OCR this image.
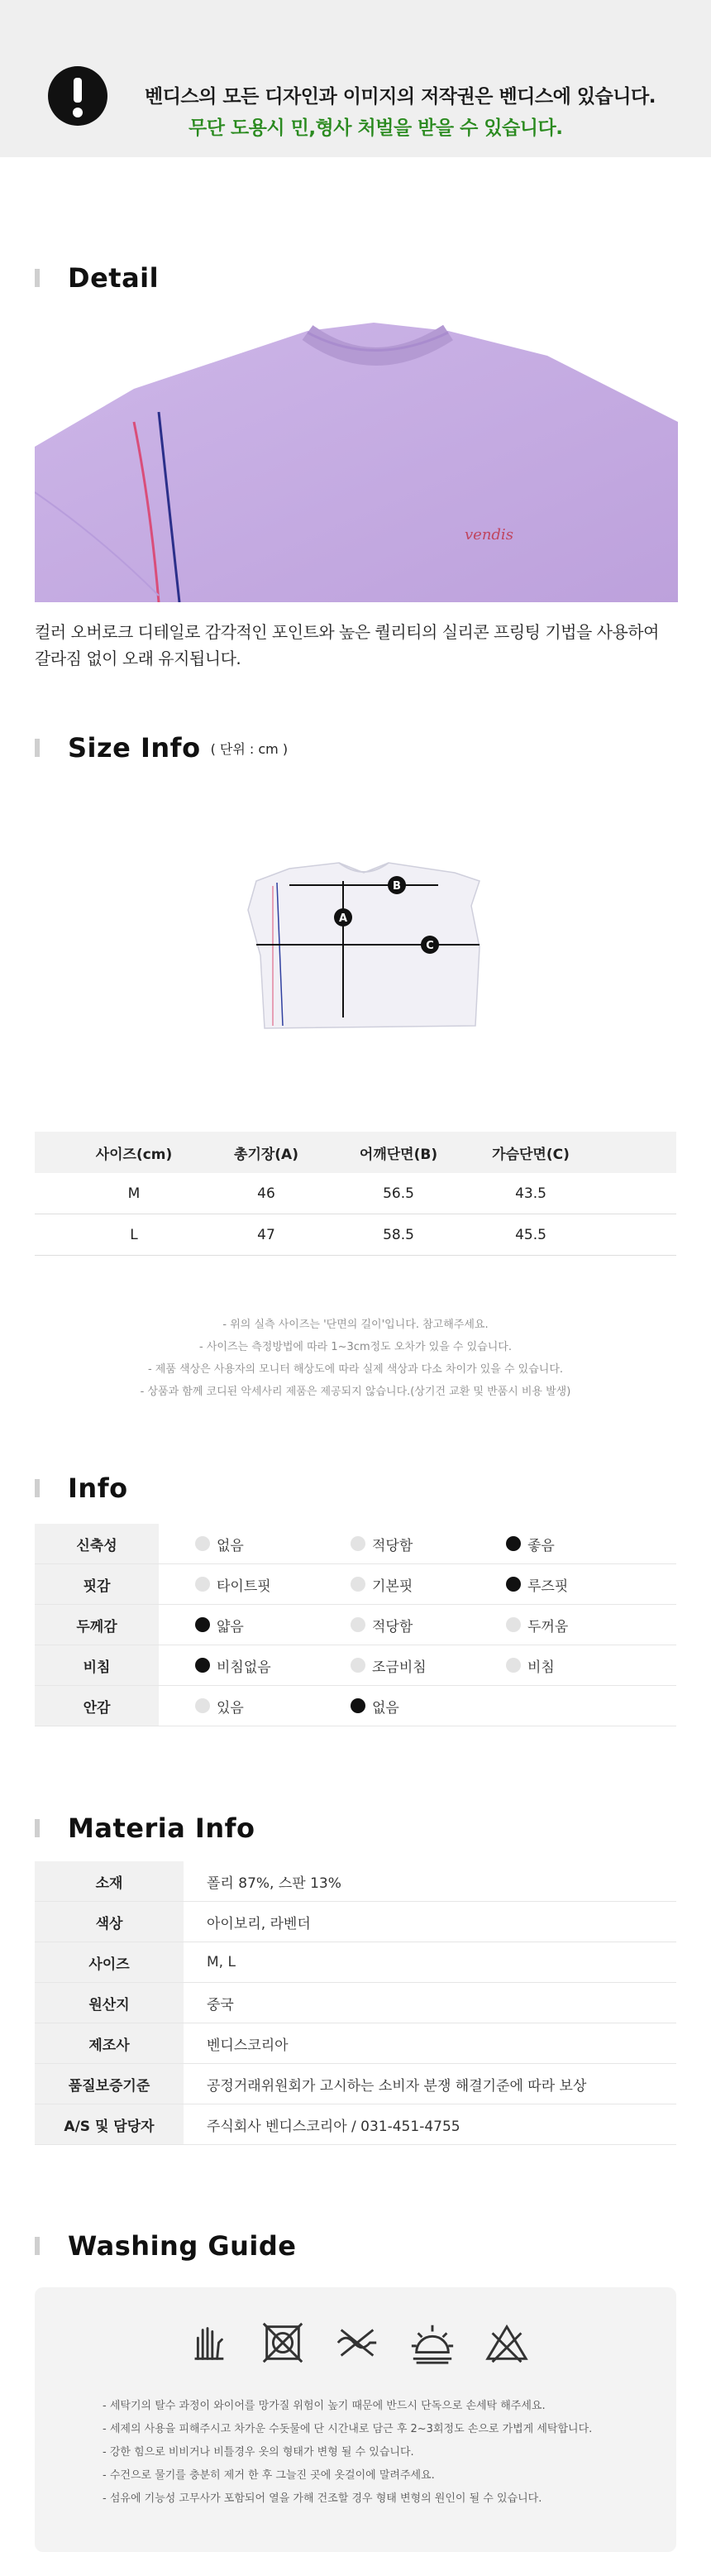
벤디스의 모든 디자인과 이미지의 저작권은 벤디스에 있습니다.
무단 도용시 민,형사 처벌을 받을 수 있습니다.
Detail
vendis
컬러 오버로크 디테일로 감각적인 포인트와 높은 퀄리티의 실리콘 프링팅 기법을 사용하여 갈라짐 없이 오래 유지됩니다.
Size Info ( 단위 : cm )
B
A
C
사이즈(cm)	총기장(A)	어깨단면(B)	가슴단면(C)
M	46	56.5	43.5
L	47	58.5	45.5
- 위의 실측 사이즈는 '단면의 길이'입니다. 참고해주세요.
- 사이즈는 측정방법에 따라 1~3cm정도 오차가 있을 수 있습니다.
- 제품 색상은 사용자의 모니터 해상도에 따라 실제 색상과 다소 차이가 있을 수 있습니다.
- 상품과 함께 코디된 악세사리 제품은 제공되지 않습니다.(상기건 교환 및 반품시 비용 발생)
Info
신축성	없음	적당함	좋음
핏감	타이트핏	기본핏	루즈핏
두께감	얇음	적당함	두꺼움
비침	비침없음	조금비침	비침
안감	있음	없음
Materia Info
소재	폴리 87%, 스판 13%
색상	아이보리, 라벤더
사이즈	M, L
원산지	중국
제조사	벤디스코리아
품질보증기준	공정거래위원회가 고시하는 소비자 분쟁 해결기준에 따라 보상
A/S 및 담당자	주식회사 벤디스코리아 / 031-451-4755
Washing Guide
- 세탁기의 탈수 과정이 와이어를 망가질 위험이 높기 때문에 반드시 단독으로 손세탁 해주세요.
- 세제의 사용을 피해주시고 차가운 수돗물에 단 시간내로 담근 후 2~3회정도 손으로 가볍게 세탁합니다.
- 강한 힘으로 비비거나 비틀경우 옷의 형태가 변형 될 수 있습니다.
- 수건으로 물기를 충분히 제거 한 후 그늘진 곳에 옷걸이에 말려주세요.
- 섬유에 기능성 고무사가 포함되어 열을 가해 건조할 경우 형태 변형의 원인이 될 수 있습니다.
